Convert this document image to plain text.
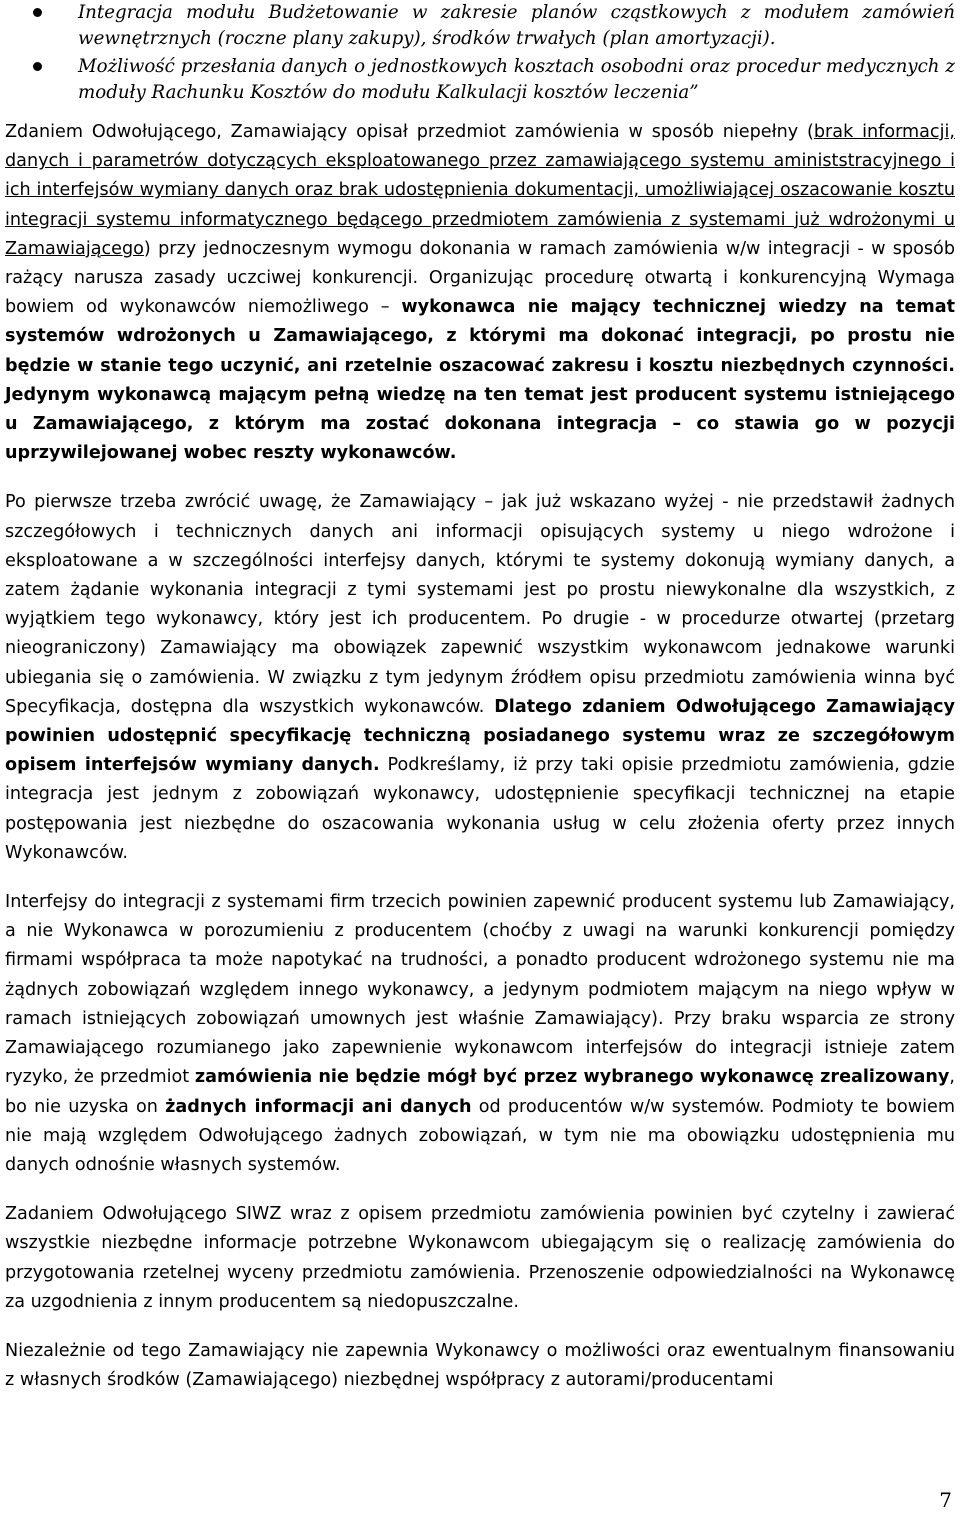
Integracja modułu Budżetowanie w zakresie planów cząstkowych z modułem zamówień wewnętrznych (roczne plany zakupy), środków trwałych (plan amortyzacji).
Możliwość przesłania danych o jednostkowych kosztach osobodni oraz procedur medycznych z moduły Rachunku Kosztów do modułu Kalkulacji kosztów leczenia”

Zdaniem Odwołującego, Zamawiający opisał przedmiot zamówienia w sposób niepełny (brak informacji, danych i parametrów dotyczących eksploatowanego przez zamawiającego systemu aministstracyjnego i ich interfejsów wymiany danych oraz brak udostępnienia dokumentacji, umożliwiającej oszacowanie kosztu integracji systemu informatycznego będącego przedmiotem zamówienia z systemami już wdrożonymi u Zamawiającego) przy jednoczesnym wymogu dokonania w ramach zamówienia w/w integracji - w sposób rażący narusza zasady uczciwej konkurencji. Organizując procedurę otwartą i konkurencyjną Wymaga bowiem od wykonawców niemożliwego – wykonawca nie mający technicznej wiedzy na temat systemów wdrożonych u Zamawiającego, z którymi ma dokonać integracji, po prostu nie będzie w stanie tego uczynić, ani rzetelnie oszacować zakresu i kosztu niezbędnych czynności. Jedynym wykonawcą mającym pełną wiedzę na ten temat jest producent systemu istniejącego u Zamawiającego, z którym ma zostać dokonana integracja – co stawia go w pozycji uprzywilejowanej wobec reszty wykonawców.

Po pierwsze trzeba zwrócić uwagę, że Zamawiający – jak już wskazano wyżej - nie przedstawił żadnych szczegółowych i technicznych danych ani informacji opisujących systemy u niego wdrożone i eksploatowane a w szczególności interfejsy danych, którymi te systemy dokonują wymiany danych, a zatem żądanie wykonania integracji z tymi systemami jest po prostu niewykonalne dla wszystkich, z wyjątkiem tego wykonawcy, który jest ich producentem. Po drugie - w procedurze otwartej (przetarg nieograniczony) Zamawiający ma obowiązek zapewnić wszystkim wykonawcom jednakowe warunki ubiegania się o zamówienia. W związku z tym jedynym źródłem opisu przedmiotu zamówienia winna być Specyfikacja, dostępna dla wszystkich wykonawców. Dlatego zdaniem Odwołującego Zamawiający powinien udostępnić specyfikację techniczną posiadanego systemu wraz ze szczegółowym opisem interfejsów wymiany danych. Podkreślamy, iż przy taki opisie przedmiotu zamówienia, gdzie integracja jest jednym z zobowiązań wykonawcy, udostępnienie specyfikacji technicznej na etapie postępowania jest niezbędne do oszacowania wykonania usług w celu złożenia oferty przez innych Wykonawców.

Interfejsy do integracji z systemami firm trzecich powinien zapewnić producent systemu lub Zamawiający, a nie Wykonawca w porozumieniu z producentem (choćby z uwagi na warunki konkurencji pomiędzy firmami współpraca ta może napotykać na trudności, a ponadto producent wdrożonego systemu nie ma żądnych zobowiązań względem innego wykonawcy, a jedynym podmiotem mającym na niego wpływ w ramach istniejących zobowiązań umownych jest właśnie Zamawiający). Przy braku wsparcia ze strony Zamawiającego rozumianego jako zapewnienie wykonawcom interfejsów do integracji istnieje zatem ryzyko, że przedmiot zamówienia nie będzie mógł być przez wybranego wykonawcę zrealizowany, bo nie uzyska on żadnych informacji ani danych od producentów w/w systemów. Podmioty te bowiem nie mają względem Odwołującego żadnych zobowiązań, w tym nie ma obowiązku udostępnienia mu danych odnośnie własnych systemów.

Zadaniem Odwołującego SIWZ wraz z opisem przedmiotu zamówienia powinien być czytelny i zawierać wszystkie niezbędne informacje potrzebne Wykonawcom ubiegającym się o realizację zamówienia do przygotowania rzetelnej wyceny przedmiotu zamówienia. Przenoszenie odpowiedzialności na Wykonawcę za uzgodnienia z innym producentem są niedopuszczalne.

Niezależnie od tego Zamawiający nie zapewnia Wykonawcy o możliwości oraz ewentualnym finansowaniu z własnych środków (Zamawiającego) niezbędnej współpracy z autorami/producentami

7
